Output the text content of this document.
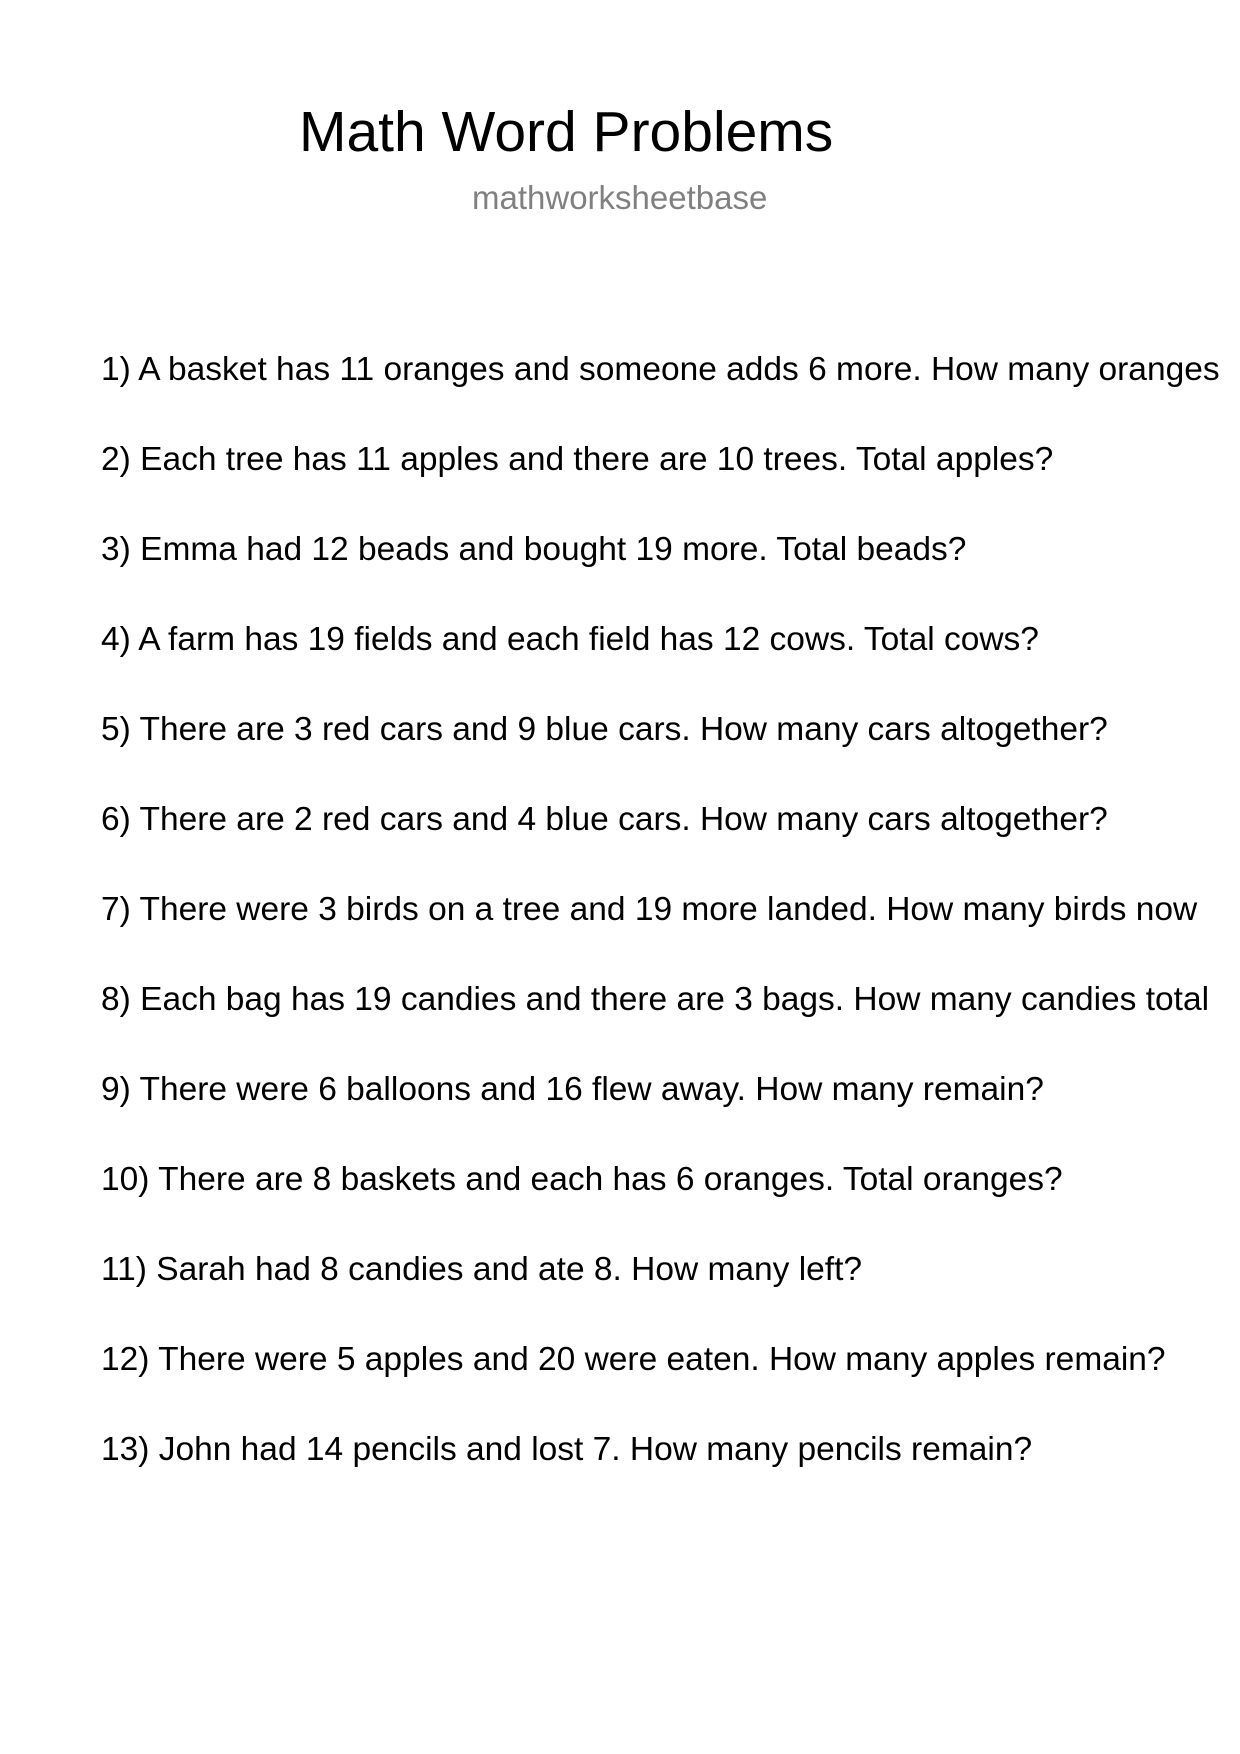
Math Word Problems
mathworksheetbase
1) A basket has 11 oranges and someone adds 6 more. How many oranges
2) Each tree has 11 apples and there are 10 trees. Total apples?
3) Emma had 12 beads and bought 19 more. Total beads?
4) A farm has 19 fields and each field has 12 cows. Total cows?
5) There are 3 red cars and 9 blue cars. How many cars altogether?
6) There are 2 red cars and 4 blue cars. How many cars altogether?
7) There were 3 birds on a tree and 19 more landed. How many birds now
8) Each bag has 19 candies and there are 3 bags. How many candies total
9) There were 6 balloons and 16 flew away. How many remain?
10) There are 8 baskets and each has 6 oranges. Total oranges?
11) Sarah had 8 candies and ate 8. How many left?
12) There were 5 apples and 20 were eaten. How many apples remain?
13) John had 14 pencils and lost 7. How many pencils remain?
